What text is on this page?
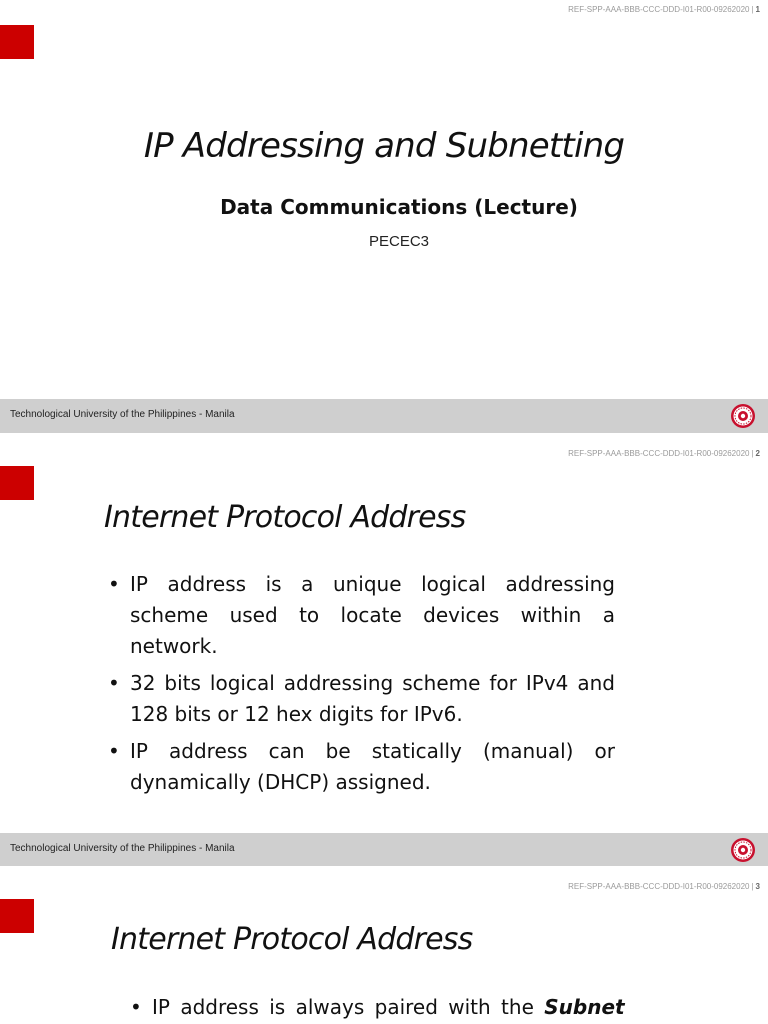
REF-SPP-AAA-BBB-CCC-DDD-I01-R00-09262020 | 1
IP Addressing and Subnetting
Data Communications (Lecture)
PECEC3
Technological University of the Philippines - Manila
REF-SPP-AAA-BBB-CCC-DDD-I01-R00-09262020 | 2
Internet Protocol Address
• IP address is a unique logical addressing scheme used to locate devices within a network.
• 32 bits logical addressing scheme for IPv4 and 128 bits or 12 hex digits for IPv6.
• IP address can be statically (manual) or dynamically (DHCP) assigned.
Technological University of the Philippines - Manila
REF-SPP-AAA-BBB-CCC-DDD-I01-R00-09262020 | 3
Internet Protocol Address
• IP address is always paired with the Subnet
